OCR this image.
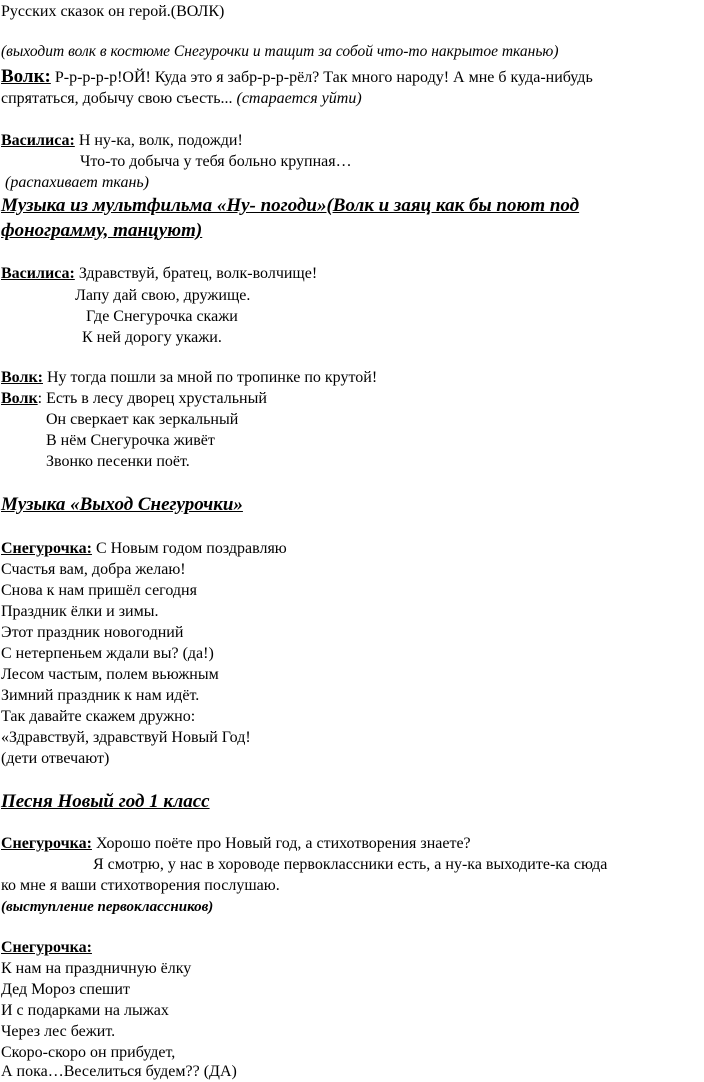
Русских сказок он герой.(ВОЛК)
(выходит волк в костюме Снегурочки и тащит за собой что-то накрытое тканью)
Волк: Р-р-р-р-р!ОЙ! Куда это я забр-р-р-рёл? Так много народу! А мне б куда-нибудь
спрятаться, добычу свою съесть... (старается уйти)
Василиса: Н ну-ка, волк, подожди!
Что-то добыча у тебя больно крупная…
(распахивает ткань)
Музыка из мультфильма «Ну- погоди»(Волк и заяц как бы поют под
фонограмму, танцуют)
Василиса: Здравствуй, братец, волк-волчище!
Лапу дай свою, дружище.
Где Снегурочка скажи
К ней дорогу укажи.
Волк: Ну тогда пошли за мной по тропинке по крутой!
Волк: Есть в лесу дворец хрустальный
Он сверкает как зеркальный
В нём Снегурочка живёт
Звонко песенки поёт.
Музыка «Выход Снегурочки»
Снегурочка: С Новым годом поздравляю
Счастья вам, добра желаю!
Снова к нам пришёл сегодня
Праздник ёлки и зимы.
Этот праздник новогодний
С нетерпеньем ждали вы? (да!)
Лесом частым, полем вьюжным
Зимний праздник к нам идёт.
Так давайте скажем дружно:
«Здравствуй, здравствуй Новый Год!
(дети отвечают)
Песня Новый год 1 класс
Снегурочка: Хорошо поёте про Новый год, а стихотворения знаете?
Я смотрю, у нас в хороводе первоклассники есть, а ну-ка выходите-ка сюда
ко мне я ваши стихотворения послушаю.
(выступление первоклассников)
Снегурочка:
К нам на праздничную ёлку
Дед Мороз спешит
И с подарками на лыжах
Через лес бежит.
Скоро-скоро он прибудет,
А пока…Веселиться будем?? (ДА)
